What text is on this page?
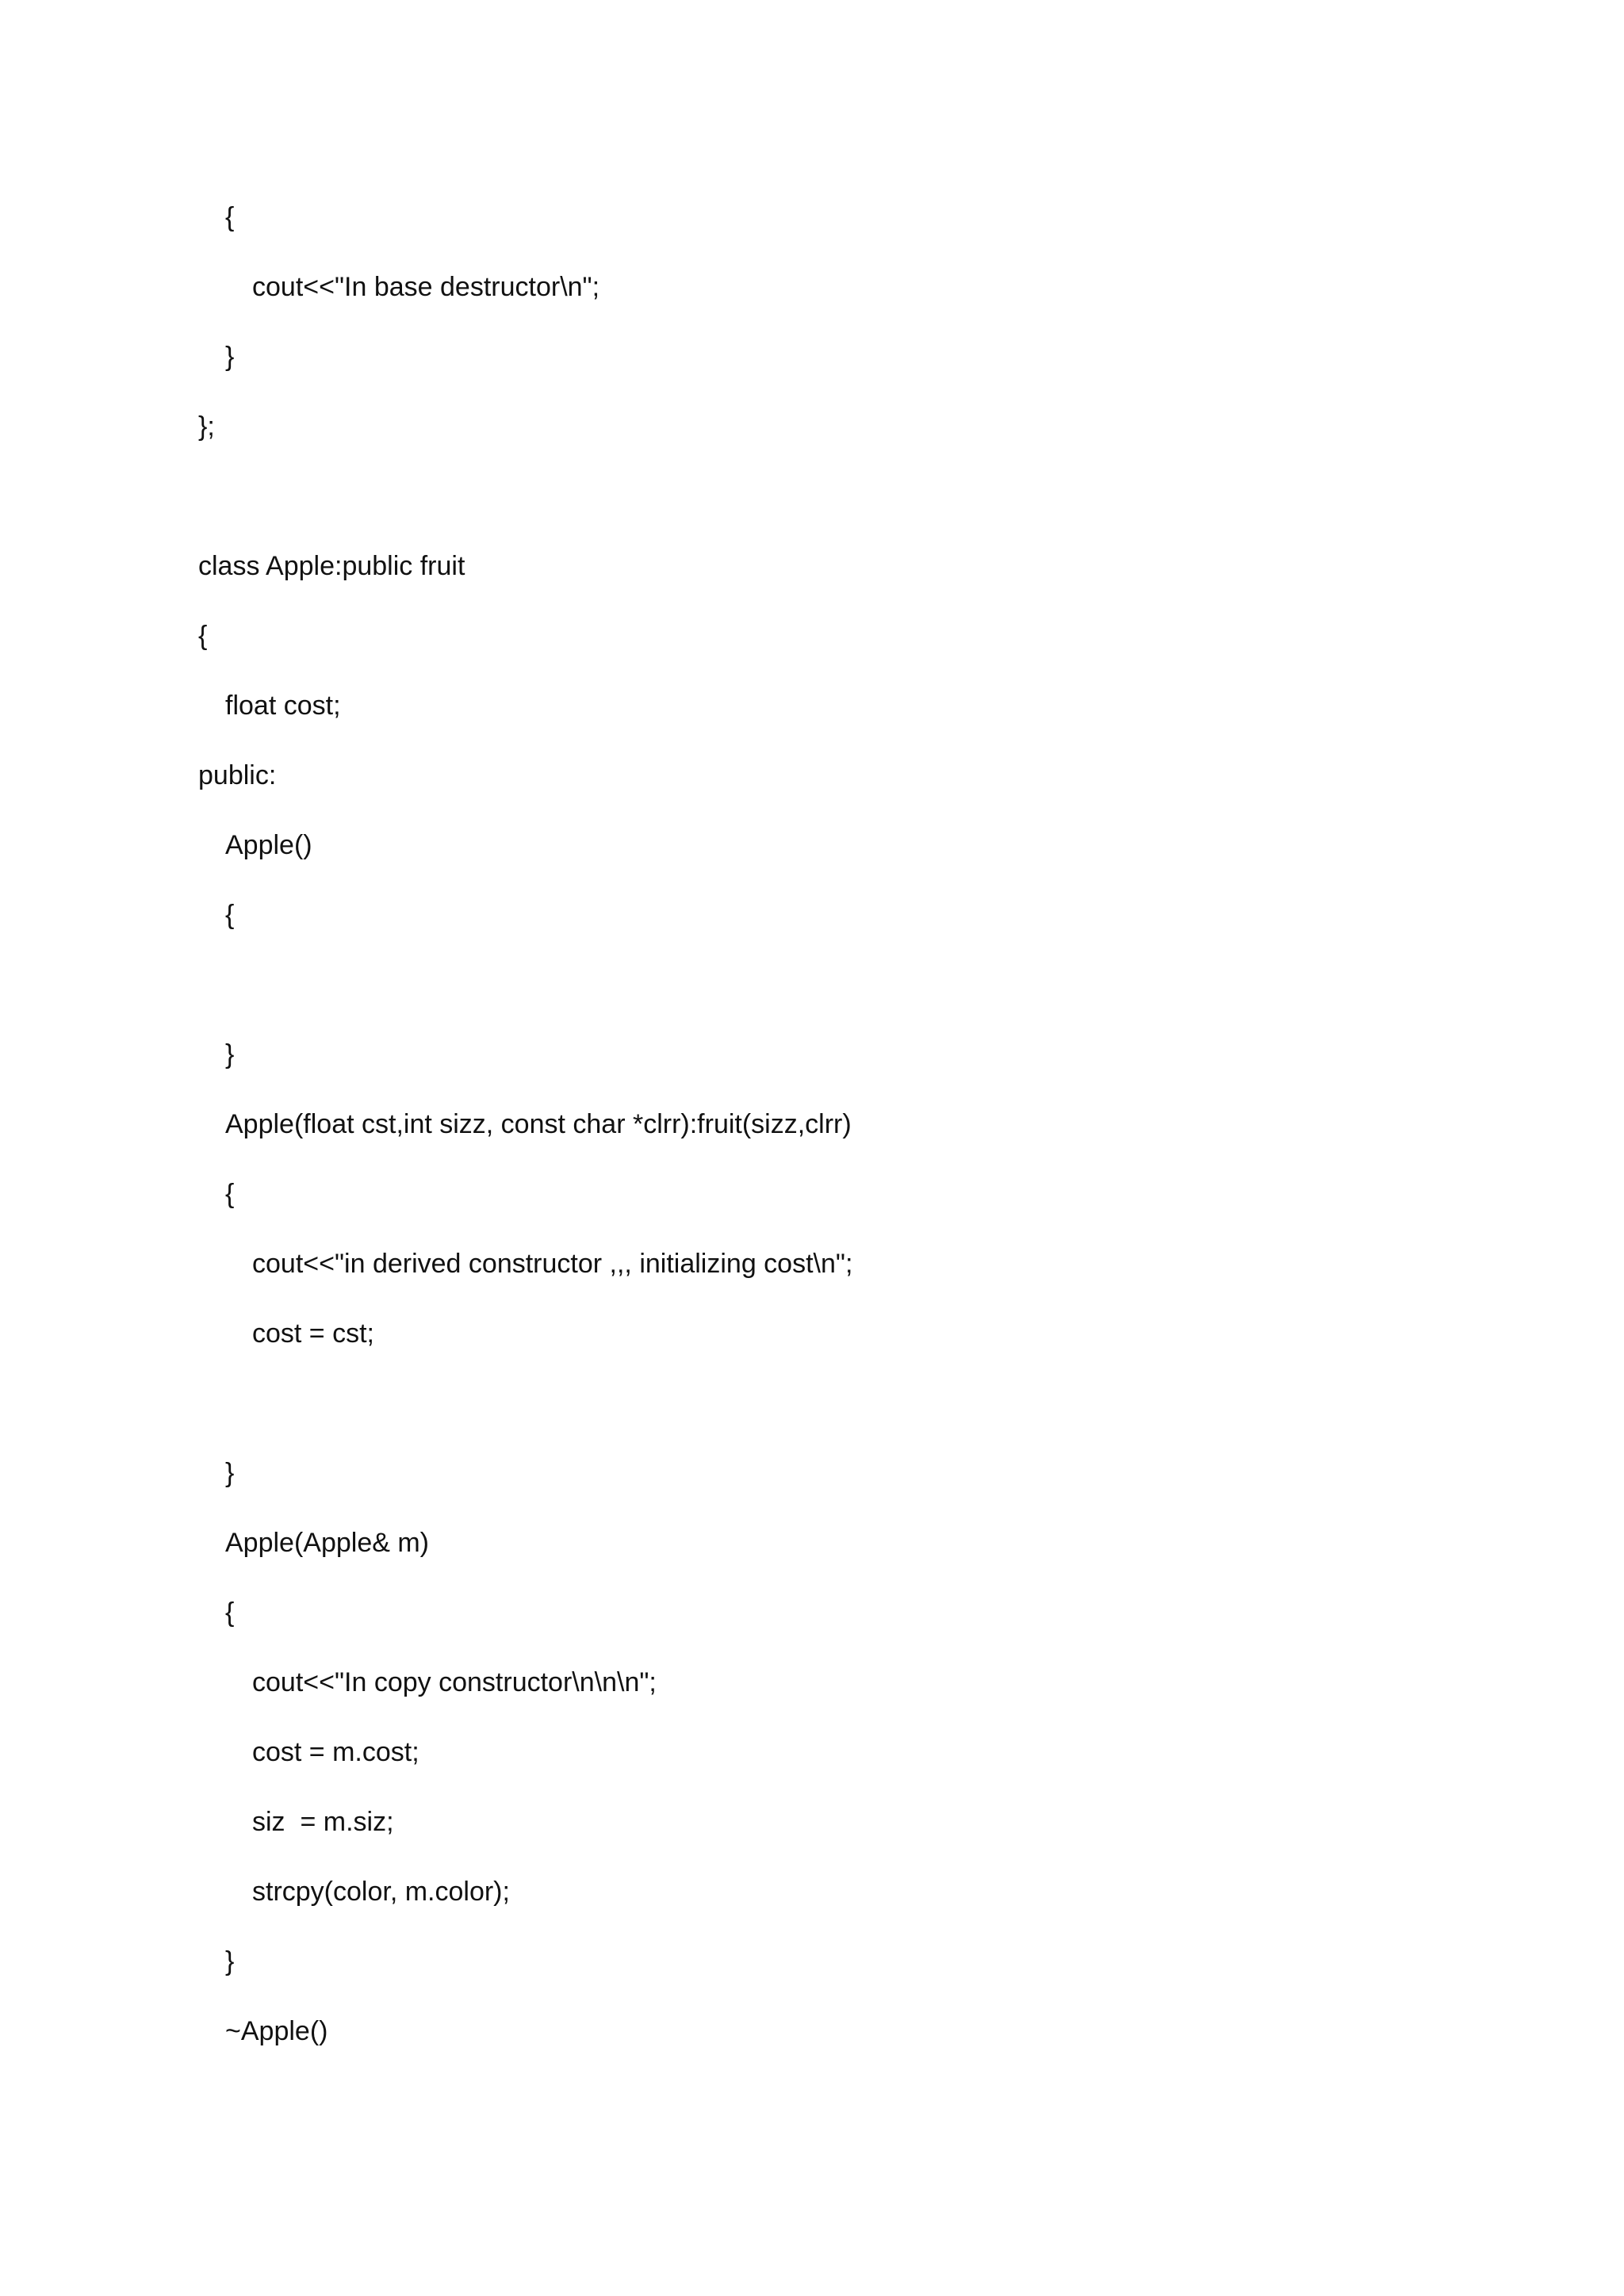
{

cout<<"In base destructor\n";

}

};

class Apple:public fruit

{

float cost;

public:

Apple()

{

}

Apple(float cst,int sizz, const char *clrr):fruit(sizz,clrr)

{

cout<<"in derived constructor ,,, initializing cost\n";

cost = cst;

}

Apple(Apple& m)

{

cout<<"In copy constructor\n\n\n";

cost = m.cost;

siz  = m.siz;

strcpy(color, m.color);

}

~Apple()
